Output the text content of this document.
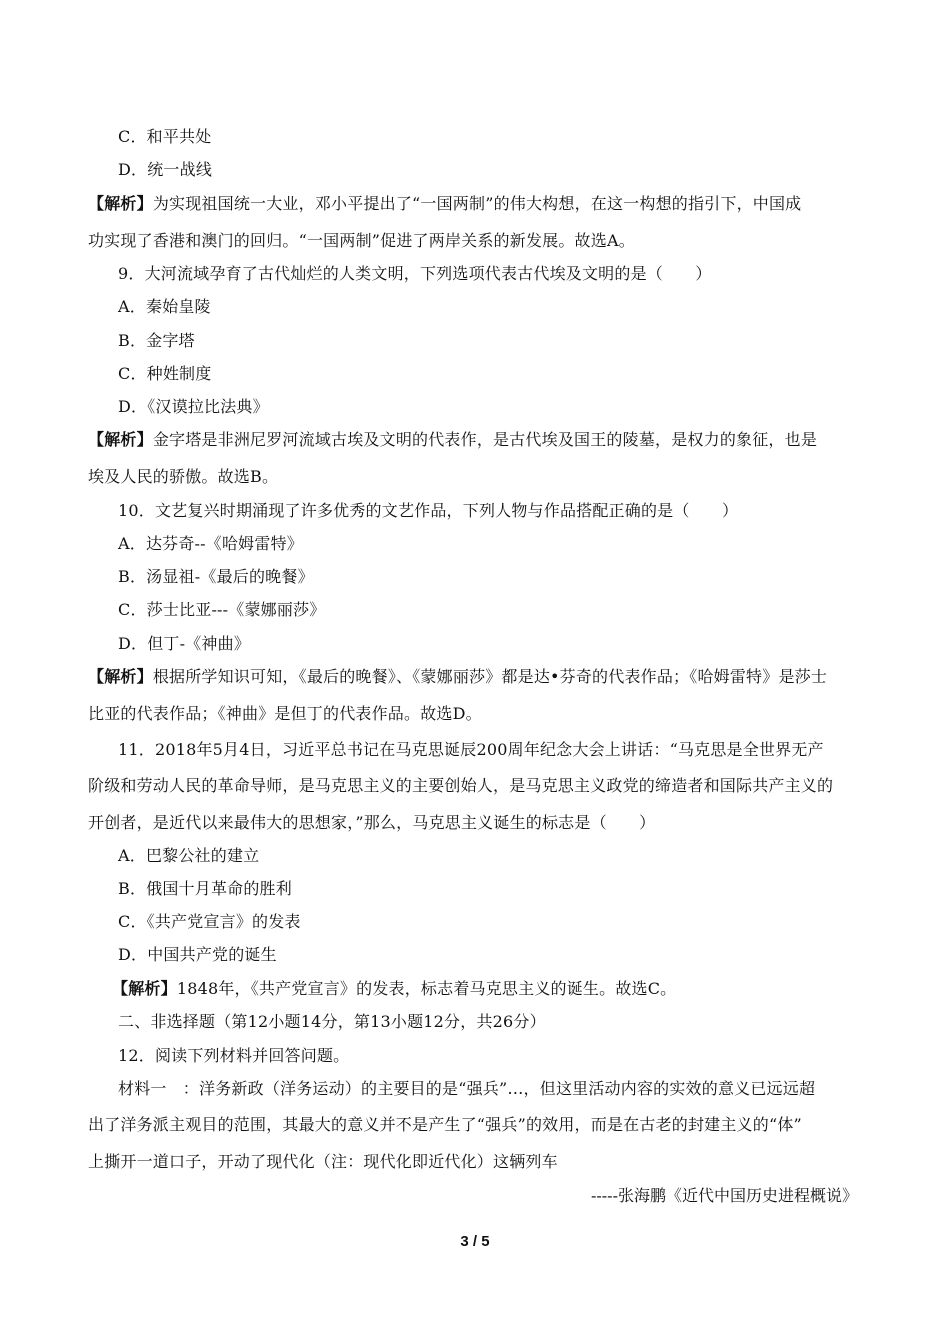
C．和平共处
D．统一战线
【解析】为实现祖国统一大业，邓小平提出了“一国两制”的伟大构想，在这一构想的指引下，中国成
功实现了香港和澳门的回归。“一国两制”促进了两岸关系的新发展。故选A。
9．大河流域孕育了古代灿烂的人类文明，下列选项代表古代埃及文明的是（　　）
A．秦始皇陵
B．金字塔
C．种姓制度
D．《汉谟拉比法典》
【解析】金字塔是非洲尼罗河流域古埃及文明的代表作，是古代埃及国王的陵墓，是权力的象征，也是
埃及人民的骄傲。故选B。
10．文艺复兴时期涌现了许多优秀的文艺作品，下列人物与作品搭配正确的是（　　）
A．达芬奇--《哈姆雷特》
B．汤显祖-《最后的晚餐》
C．莎士比亚---《蒙娜丽莎》
D．但丁-《神曲》
【解析】根据所学知识可知，《最后的晚餐》、《蒙娜丽莎》都是达•芬奇的代表作品；《哈姆雷特》是莎士
比亚的代表作品；《神曲》是但丁的代表作品。故选D。
11．2018年5月4日，习近平总书记在马克思诞辰200周年纪念大会上讲话：“马克思是全世界无产
阶级和劳动人民的革命导师，是马克思主义的主要创始人，是马克思主义政党的缔造者和国际共产主义的
开创者，是近代以来最伟大的思想家，”那么，马克思主义诞生的标志是（　　）
A．巴黎公社的建立
B．俄国十月革命的胜利
C．《共产党宣言》的发表
D．中国共产党的诞生
【解析】1848年，《共产党宣言》的发表，标志着马克思主义的诞生。故选C。
二、非选择题（第12小题14分，第13小题12分，共26分）
12．阅读下列材料并回答问题。
材料一　：洋务新政（洋务运动）的主要目的是“强兵”…，但这里活动内容的实效的意义已远远超
出了洋务派主观目的范围，其最大的意义并不是产生了“强兵”的效用，而是在古老的封建主义的“体”
上撕开一道口子，开动了现代化（注：现代化即近代化）这辆列车
-----张海鹏《近代中国历史进程概说》
3 / 5
